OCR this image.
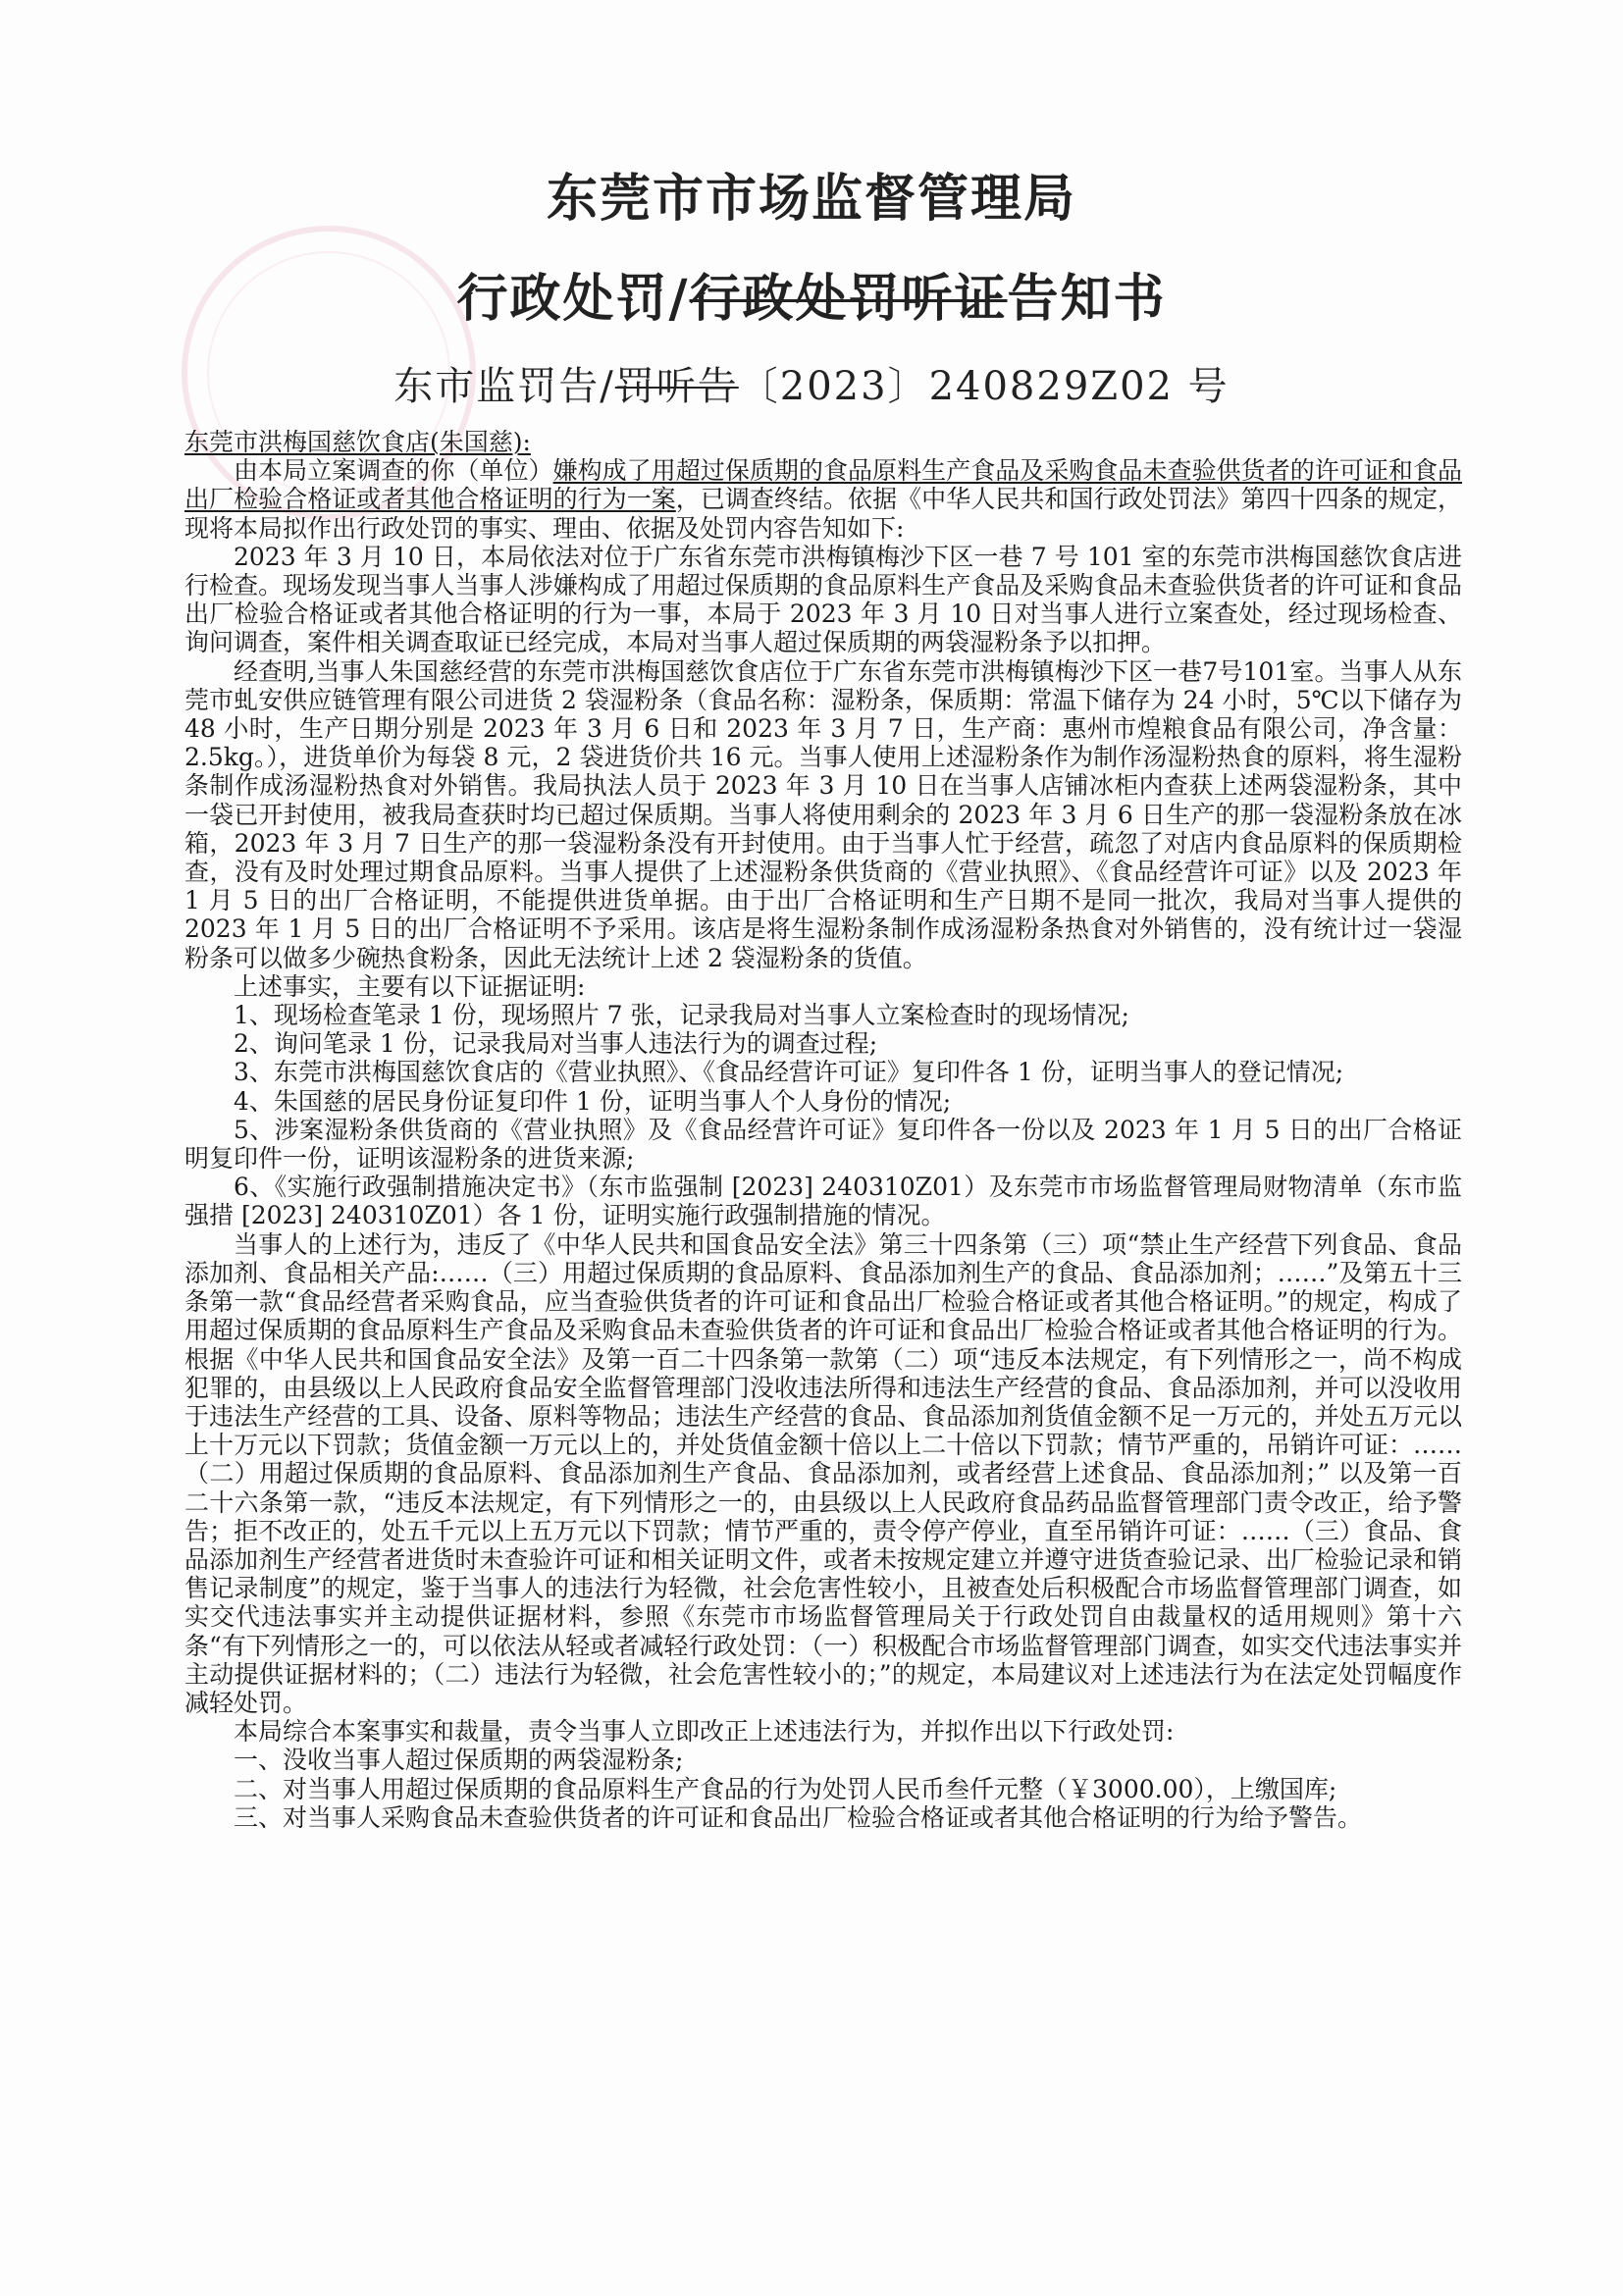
东莞市市场监督管理局
行政处罚/行政处罚听证告知书
东市监罚告/罚听告〔2023〕240829Z02 号

东莞市洪梅国慈饮食店(朱国慈):

由本局立案调查的你（单位）嫌构成了用超过保质期的食品原料生产食品及采购食品未查验供货者的许可证和食品出厂检验合格证或者其他合格证明的行为一案，已调查终结。依据《中华人民共和国行政处罚法》第四十四条的规定，现将本局拟作出行政处罚的事实、理由、依据及处罚内容告知如下:

2023 年 3 月 10 日，本局依法对位于广东省东莞市洪梅镇梅沙下区一巷 7 号 101 室的东莞市洪梅国慈饮食店进行检查。现场发现当事人当事人涉嫌构成了用超过保质期的食品原料生产食品及采购食品未查验供货者的许可证和食品出厂检验合格证或者其他合格证明的行为一事，本局于 2023 年 3 月 10 日对当事人进行立案查处，经过现场检查、询问调查，案件相关调查取证已经完成，本局对当事人超过保质期的两袋湿粉条予以扣押。

经查明,当事人朱国慈经营的东莞市洪梅国慈饮食店位于广东省东莞市洪梅镇梅沙下区一巷7号101室。当事人从东莞市虬安供应链管理有限公司进货 2 袋湿粉条（食品名称：湿粉条，保质期：常温下储存为 24 小时，5℃以下储存为 48 小时，生产日期分别是 2023 年 3 月 6 日和 2023 年 3 月 7 日，生产商：惠州市煌粮食品有限公司，净含量：2.5kg。），进货单价为每袋 8 元，2 袋进货价共 16 元。当事人使用上述湿粉条作为制作汤湿粉热食的原料，将生湿粉条制作成汤湿粉热食对外销售。我局执法人员于 2023 年 3 月 10 日在当事人店铺冰柜内查获上述两袋湿粉条，其中一袋已开封使用，被我局查获时均已超过保质期。当事人将使用剩余的 2023 年 3 月 6 日生产的那一袋湿粉条放在冰箱，2023 年 3 月 7 日生产的那一袋湿粉条没有开封使用。由于当事人忙于经营，疏忽了对店内食品原料的保质期检查，没有及时处理过期食品原料。当事人提供了上述湿粉条供货商的《营业执照》、《食品经营许可证》以及 2023 年 1 月 5 日的出厂合格证明，不能提供进货单据。由于出厂合格证明和生产日期不是同一批次，我局对当事人提供的 2023 年 1 月 5 日的出厂合格证明不予采用。该店是将生湿粉条制作成汤湿粉条热食对外销售的，没有统计过一袋湿粉条可以做多少碗热食粉条，因此无法统计上述 2 袋湿粉条的货值。

上述事实，主要有以下证据证明:

1、现场检查笔录 1 份，现场照片 7 张，记录我局对当事人立案检查时的现场情况;

2、询问笔录 1 份，记录我局对当事人违法行为的调查过程;

3、东莞市洪梅国慈饮食店的《营业执照》、《食品经营许可证》复印件各 1 份，证明当事人的登记情况;

4、朱国慈的居民身份证复印件 1 份，证明当事人个人身份的情况;

5、涉案湿粉条供货商的《营业执照》及《食品经营许可证》复印件各一份以及 2023 年 1 月 5 日的出厂合格证明复印件一份，证明该湿粉条的进货来源;

6、《实施行政强制措施决定书》（东市监强制 [2023] 240310Z01）及东莞市市场监督管理局财物清单（东市监强措 [2023] 240310Z01）各 1 份，证明实施行政强制措施的情况。

当事人的上述行为，违反了《中华人民共和国食品安全法》第三十四条第（三）项“禁止生产经营下列食品、食品添加剂、食品相关产品:……（三）用超过保质期的食品原料、食品添加剂生产的食品、食品添加剂；……”及第五十三条第一款“食品经营者采购食品，应当查验供货者的许可证和食品出厂检验合格证或者其他合格证明。”的规定，构成了用超过保质期的食品原料生产食品及采购食品未查验供货者的许可证和食品出厂检验合格证或者其他合格证明的行为。根据《中华人民共和国食品安全法》及第一百二十四条第一款第（二）项“违反本法规定，有下列情形之一，尚不构成犯罪的，由县级以上人民政府食品安全监督管理部门没收违法所得和违法生产经营的食品、食品添加剂，并可以没收用于违法生产经营的工具、设备、原料等物品；违法生产经营的食品、食品添加剂货值金额不足一万元的，并处五万元以上十万元以下罚款；货值金额一万元以上的，并处货值金额十倍以上二十倍以下罚款；情节严重的，吊销许可证：……（二）用超过保质期的食品原料、食品添加剂生产食品、食品添加剂，或者经营上述食品、食品添加剂；” 以及第一百二十六条第一款，“违反本法规定，有下列情形之一的，由县级以上人民政府食品药品监督管理部门责令改正，给予警告；拒不改正的，处五千元以上五万元以下罚款；情节严重的，责令停产停业，直至吊销许可证：……（三）食品、食品添加剂生产经营者进货时未查验许可证和相关证明文件，或者未按规定建立并遵守进货查验记录、出厂检验记录和销售记录制度”的规定，鉴于当事人的违法行为轻微，社会危害性较小，且被查处后积极配合市场监督管理部门调查，如实交代违法事实并主动提供证据材料，参照《东莞市市场监督管理局关于行政处罚自由裁量权的适用规则》第十六条“有下列情形之一的，可以依法从轻或者减轻行政处罚：（一）积极配合市场监督管理部门调查，如实交代违法事实并主动提供证据材料的；（二）违法行为轻微，社会危害性较小的；”的规定，本局建议对上述违法行为在法定处罚幅度作减轻处罚。

本局综合本案事实和裁量，责令当事人立即改正上述违法行为，并拟作出以下行政处罚:

一、没收当事人超过保质期的两袋湿粉条;

二、对当事人用超过保质期的食品原料生产食品的行为处罚人民币叁仟元整（￥3000.00），上缴国库;

三、对当事人采购食品未查验供货者的许可证和食品出厂检验合格证或者其他合格证明的行为给予警告。
